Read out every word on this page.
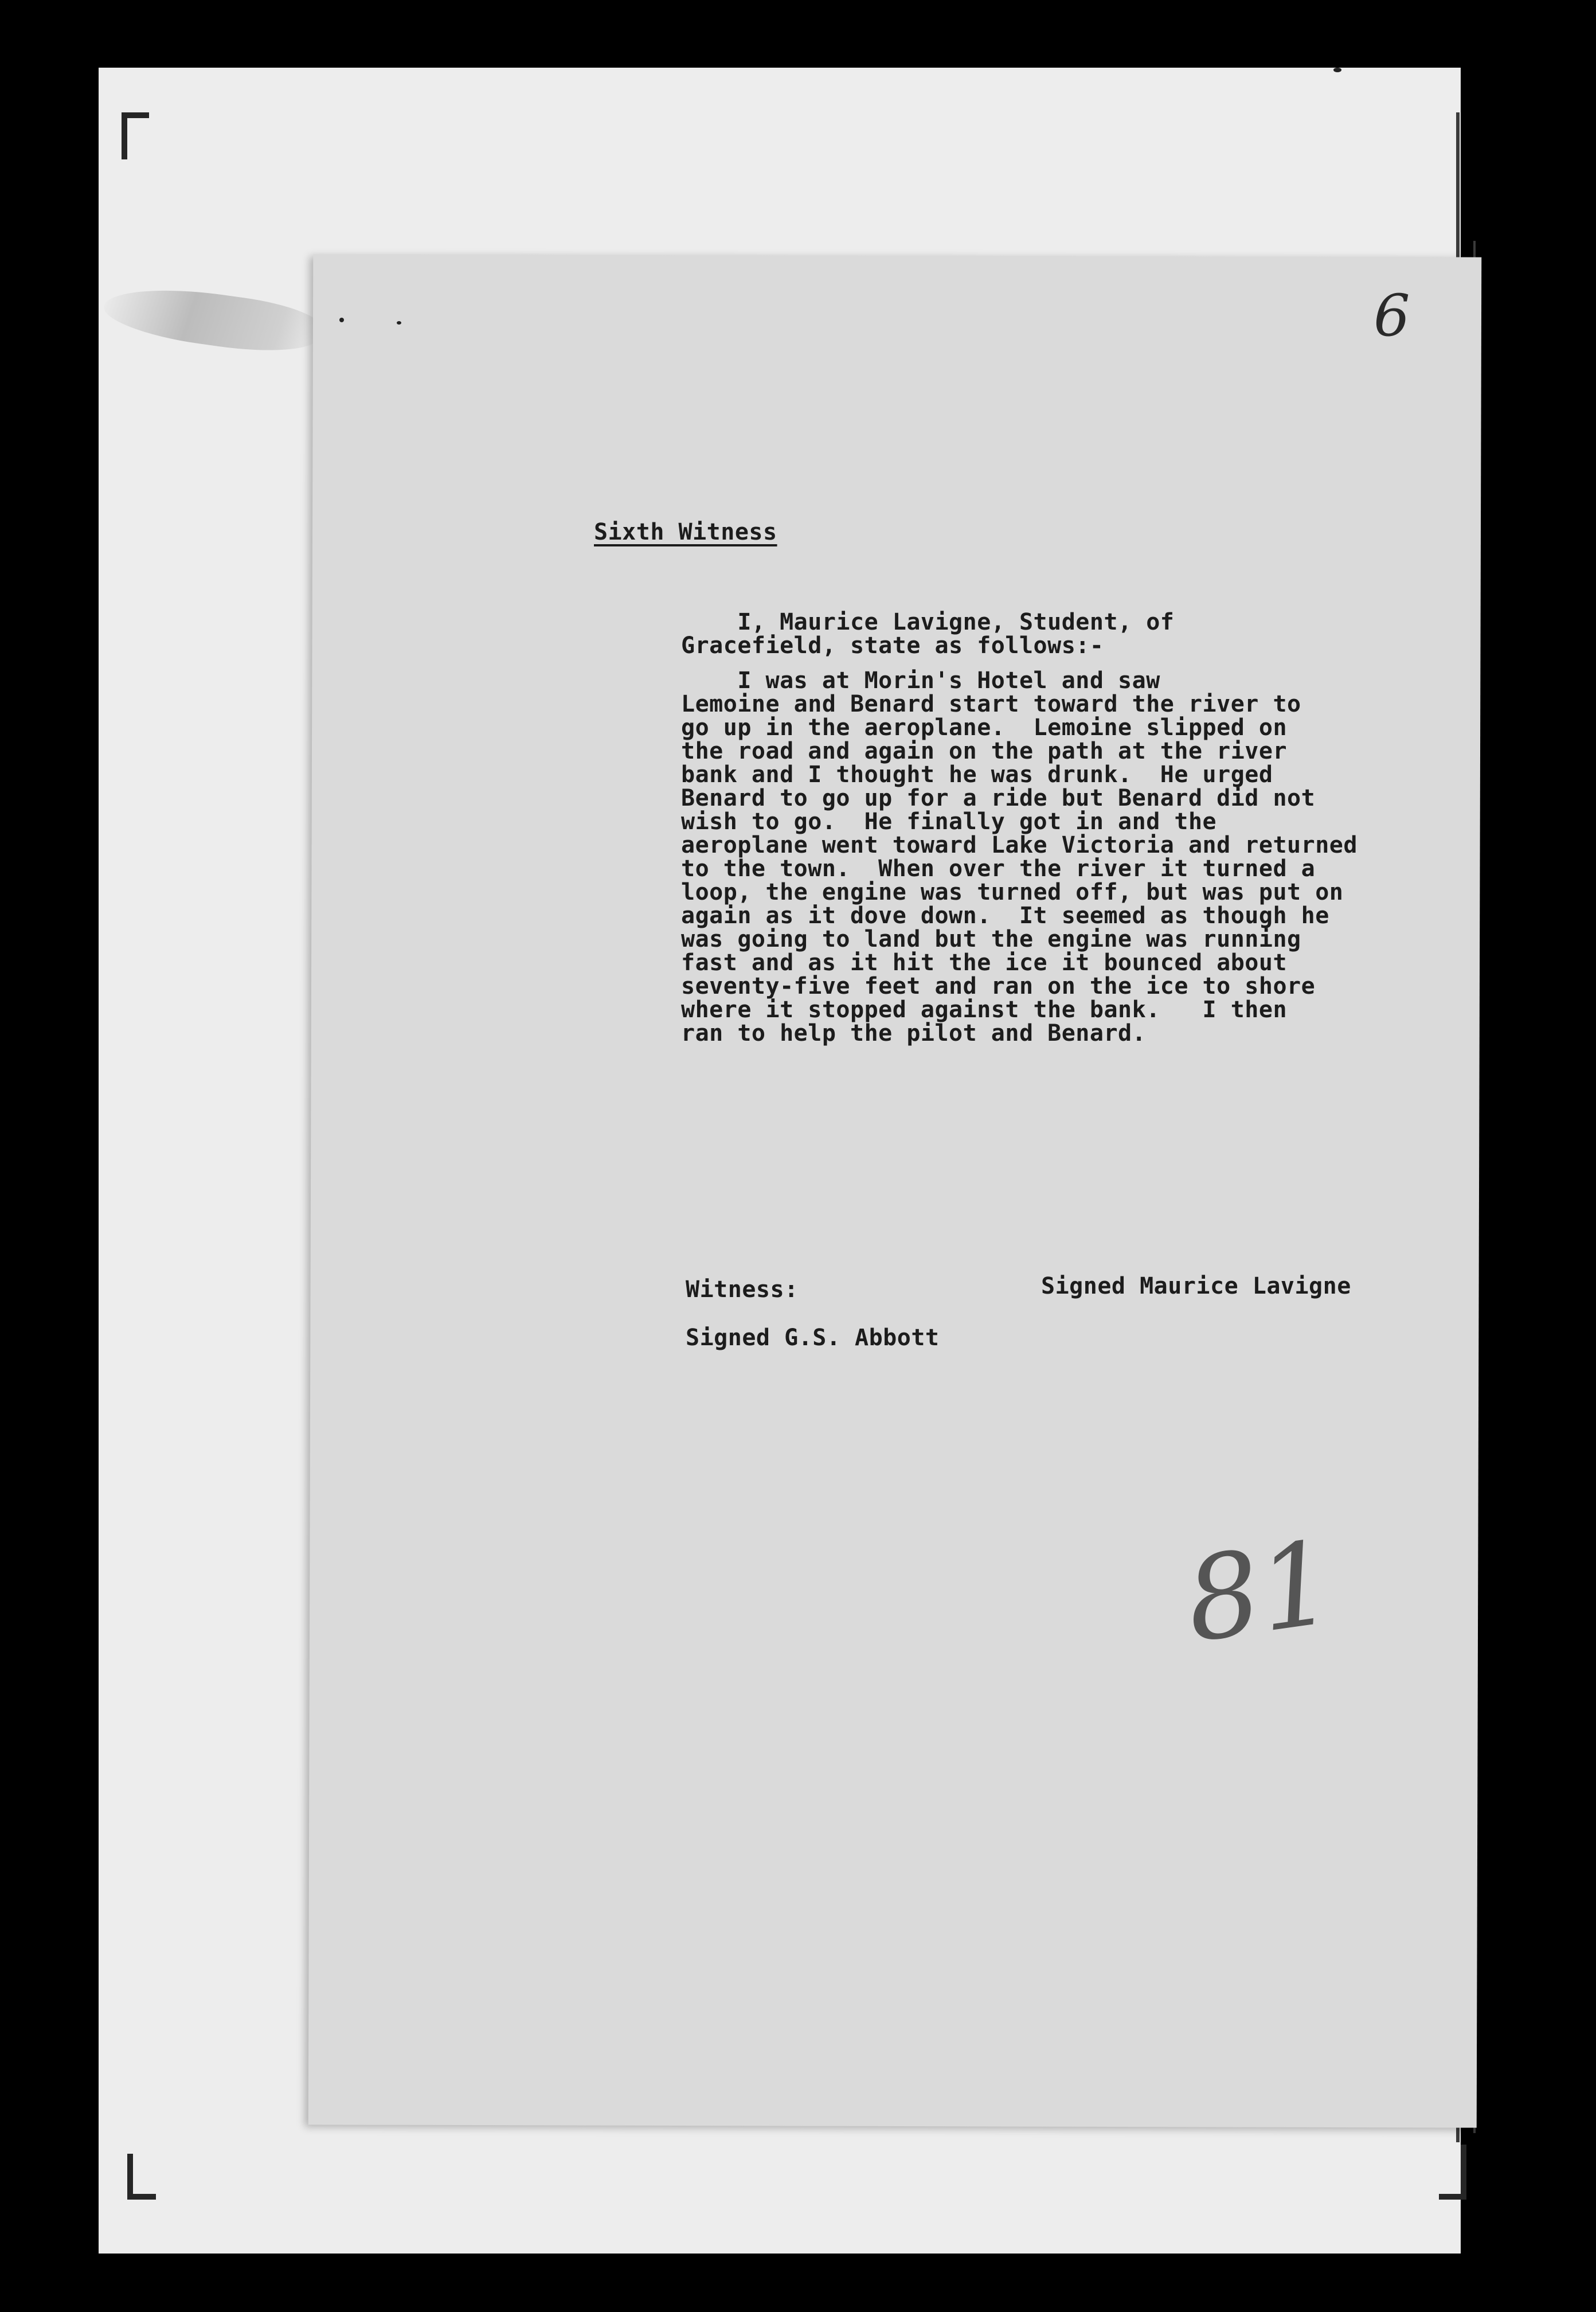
6
Sixth Witness
I, Maurice Lavigne, Student, of
Gracefield, state as follows:-
I was at Morin's Hotel and saw
Lemoine and Benard start toward the river to
go up in the aeroplane.  Lemoine slipped on
the road and again on the path at the river
bank and I thought he was drunk.  He urged
Benard to go up for a ride but Benard did not
wish to go.  He finally got in and the
aeroplane went toward Lake Victoria and returned
to the town.  When over the river it turned a
loop, the engine was turned off, but was put on
again as it dove down.  It seemed as though he
was going to land but the engine was running
fast and as it hit the ice it bounced about
seventy-five feet and ran on the ice to shore
where it stopped against the bank.   I then
ran to help the pilot and Benard.
Witness:
Signed G.S. Abbott
Signed Maurice Lavigne
81
